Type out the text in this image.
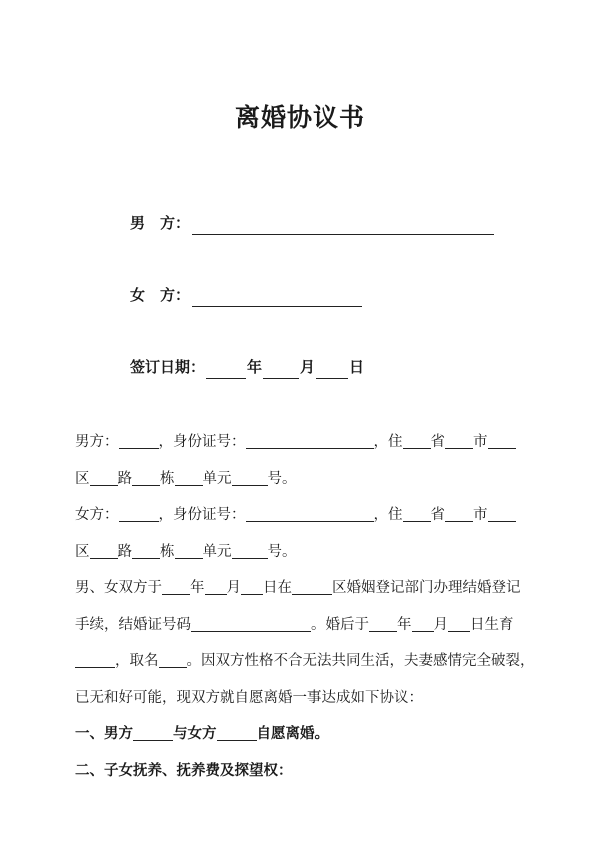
离婚协议书
男　方：
女　方：
签订日期：	年	月 日
男方：	，身份证号：	，住 省 市
区 路 栋 单元 号。
女方：	，身份证号：	，住 省 市
区 路 栋 单元 号。
男、女双方于 年 月 日在	区婚姻登记部门办理结婚登记
手续，结婚证号码	。婚后于 年 月 日生育
，取名 。因双方性格不合无法共同生活，夫妻感情完全破裂，
已无和好可能，现双方就自愿离婚一事达成如下协议：
一、男方	与女方	自愿离婚。
二、子女抚养、抚养费及探望权：
